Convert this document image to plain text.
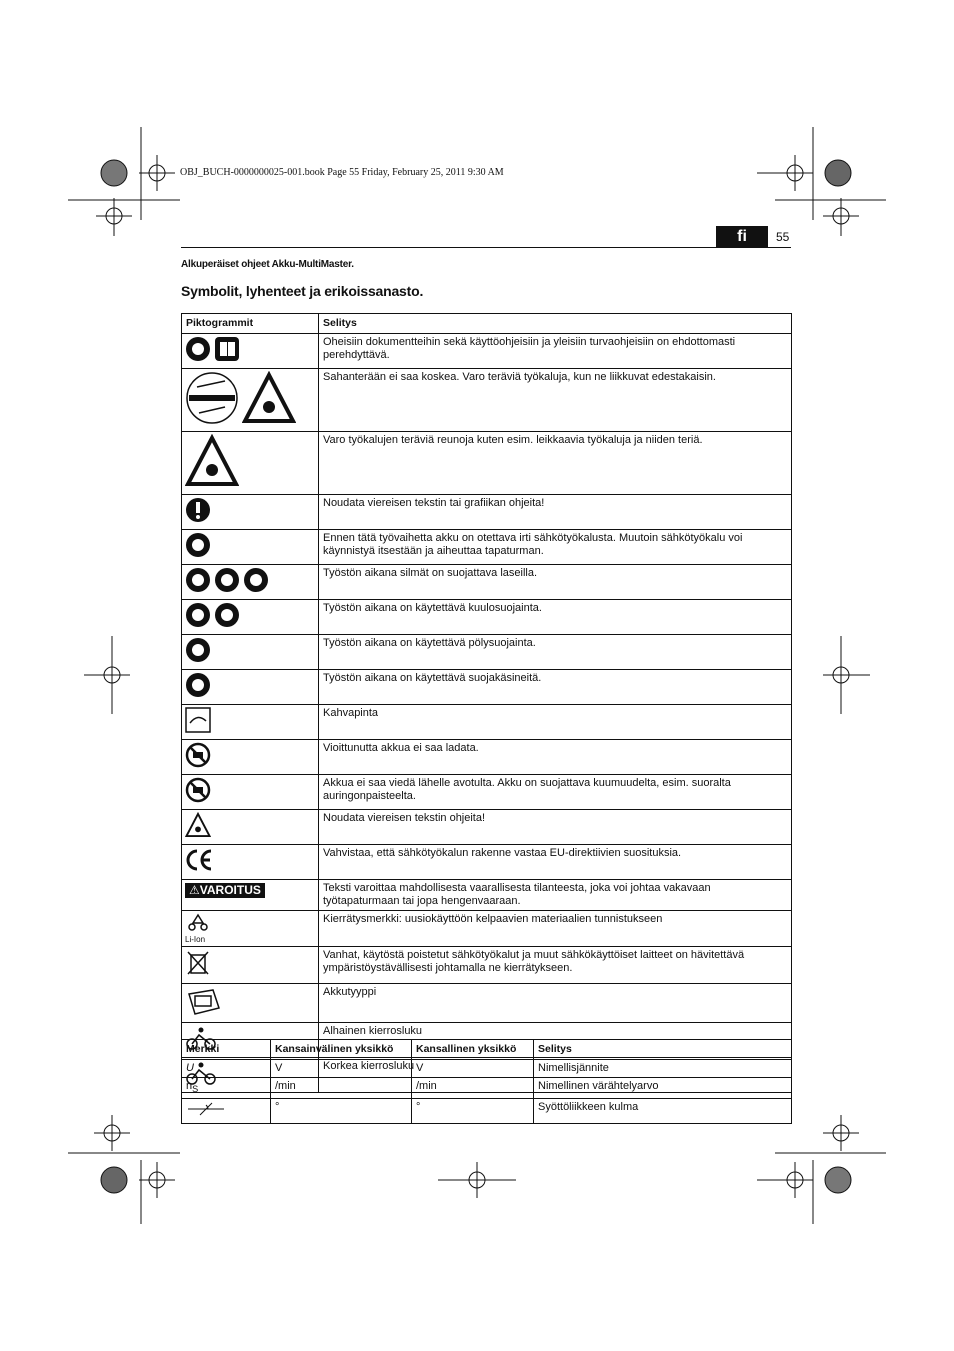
OBJ_BUCH-0000000025-001.book Page 55 Friday, February 25, 2011 9:30 AM
fi	55
Alkuperäiset ohjeet Akku-MultiMaster.
Symbolit, lyhenteet ja erikoissanasto.
Piktogrammit	Selitys
	Oheisiin dokumentteihin sekä käyttöohjeisiin ja yleisiin turvaohjeisiin on ehdottomasti perehdyttävä.
	Sahanterään ei saa koskea. Varo teräviä työkaluja, kun ne liikkuvat edestakaisin.
	Varo työkalujen teräviä reunoja kuten esim. leikkaavia työkaluja ja niiden teriä.
	Noudata viereisen tekstin tai grafiikan ohjeita!
	Ennen tätä työvaihetta akku on otettava irti sähkötyökalusta. Muutoin sähkötyökalu voi käynnistyä itsestään ja aiheuttaa tapaturman.
	Työstön aikana silmät on suojattava laseilla.
	Työstön aikana on käytettävä kuulosuojainta.
	Työstön aikana on käytettävä pölysuojainta.
	Työstön aikana on käytettävä suojakäsineitä.
	Kahvapinta
	Vioittunutta akkua ei saa ladata.
	Akkua ei saa viedä lähelle avotulta. Akku on suojattava kuumuudelta, esim. suoralta auringonpaisteelta.
	Noudata viereisen tekstin ohjeita!
	Vahvistaa, että sähkötyökalun rakenne vastaa EU-direktiivien suosituksia.
⚠VAROITUS	Teksti varoittaa mahdollisesta vaarallisesta tilanteesta, joka voi johtaa vakavaan työtapaturmaan tai jopa hengenvaaraan.

Li-Ion	Kierrätysmerkki: uusiokäyttöön kelpaavien materiaalien tunnistukseen
	Vanhat, käytöstä poistetut sähkötyökalut ja muut sähkökäyttöiset laitteet on hävitettävä ympäristöystävällisesti johtamalla ne kierrätykseen.
	Akkutyyppi
	Alhainen kierrosluku
	Korkea kierrosluku
Merkki	Kansainvälinen yksikkö	Kansallinen yksikkö	Selitys
U	V	V	Nimellisjännite
$n_S$	/min	/min	Nimellinen värähtelyarvo
	°	°	Syöttöliikkeen kulma
